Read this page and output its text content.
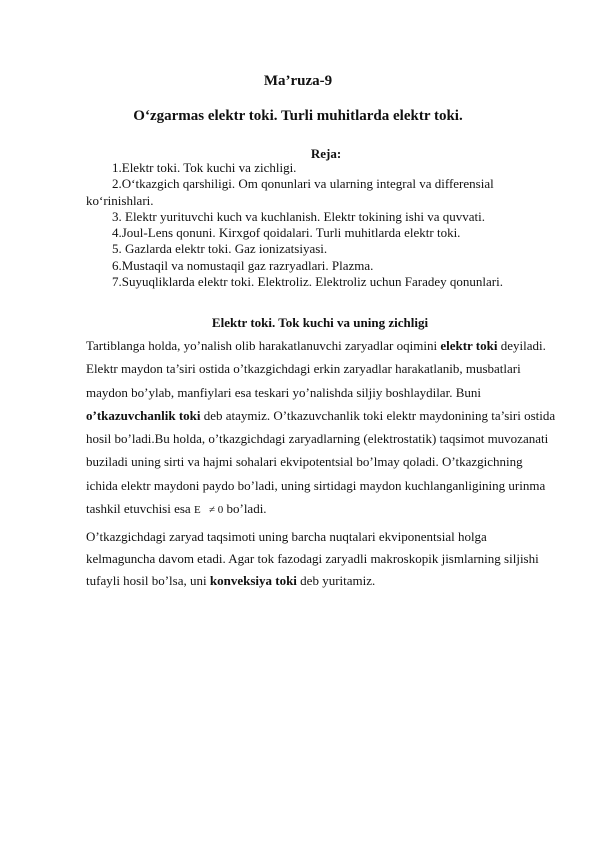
Ma’ruza-9
O‘zgarmas elektr toki. Turli muhitlarda elektr toki.
Reja:
1.Elektr toki. Tok kuchi va zichligi.
2.O‘tkazgich qarshiligi. Om qonunlari va ularning integral va differensial ko‘rinishlari.
3. Elektr yurituvchi kuch va kuchlanish. Elektr tokining ishi va quvvati.
4.Joul-Lens qonuni. Kirxgof qoidalari. Turli muhitlarda elektr toki.
5. Gazlarda elektr toki. Gaz ionizatsiyasi.
6.Mustaqil va nomustaqil gaz razryadlari. Plazma.
7.Suyuqliklarda elektr toki. Elektroliz. Elektroliz uchun Faradey qonunlari.
Elektr toki. Tok kuchi va uning zichligi
Tartiblanga holda, yo’nalish olib harakatlanuvchi zaryadlar oqimini elektr toki deyiladi. Elektr maydon ta’siri ostida o’tkazgichdagi erkin zaryadlar harakatlanib, musbatlari maydon bo’ylab, manfiylari esa teskari yo’nalishda siljiy boshlaydilar. Buni o’tkazuvchanlik toki deb ataymiz. O’tkazuvchanlik toki elektr maydonining ta’siri ostida hosil bo’ladi.Bu holda, o’tkazgichdagi zaryadlarning (elektrostatik) taqsimot muvozanati buziladi uning sirti va hajmi sohalari ekvipotentsial bo’lmay qoladi. O’tkazgichning ichida elektr maydoni paydo bo’ladi, uning sirtidagi maydon kuchlanganligining urinma tashkil etuvchisi esa E ≠ 0 bo’ladi.
O’tkazgichdagi zaryad taqsimoti uning barcha nuqtalari ekviponentsial holga kelmaguncha davom etadi. Agar tok fazodagi zaryadli makroskopik jismlarning siljishi tufayli hosil bo’lsa, uni konveksiya toki deb yuritamiz.
